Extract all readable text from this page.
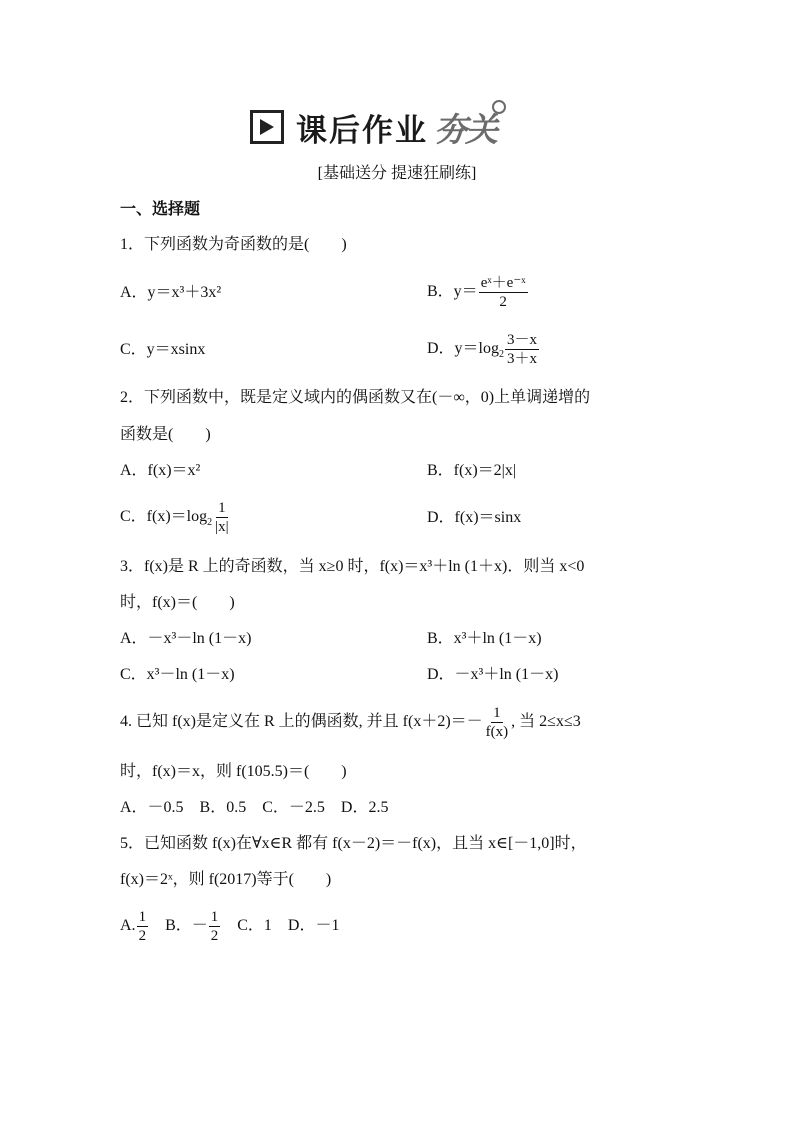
课后作业 夯关
[基础送分 提速狂刷练]
一、选择题
1．下列函数为奇函数的是(　　)
A．y＝x³＋3x²	B．$y= \frac{\text{eˣ＋e⁻ˣ}}{2}$
C．y＝xsinx	D．$y=\log_2 \frac{3-x}{3+x}$
2．下列函数中，既是定义域内的偶函数又在(－∞，0)上单调递增的
函数是(　　)
A．f(x)＝x²	B．f(x)＝2|x|
C．$f(x)=\log_2 \frac{1}{|x|}$	D．f(x)＝sinx
3．f(x)是 R 上的奇函数，当 x≥0 时，f(x)＝x³＋ln (1＋x)．则当 x<0
时，f(x)＝(　　)
A．－x³－ln (1－x)	B．x³＋ln (1－x)
C．x³－ln (1－x)	D．－x³＋ln (1－x)
4. 已知 f(x)是定义在 R 上的偶函数, 并且 $f(x+2)=- \frac{1}{f(x)}$ , 当 2≤x≤3
时，f(x)＝x，则 f(105.5)＝(　　)
A．－0.5　B．0.5　C．－2.5　D．2.5
5．已知函数 f(x)在∀x∈R 都有 f(x－2)＝－f(x)，且当 x∈[－1,0]时，
f(x)＝2ˣ，则 f(2017)等于(　　)
A. $\frac{1}{2}$ 　B．－ $\frac{1}{2}$ 　C．1　D．－1
